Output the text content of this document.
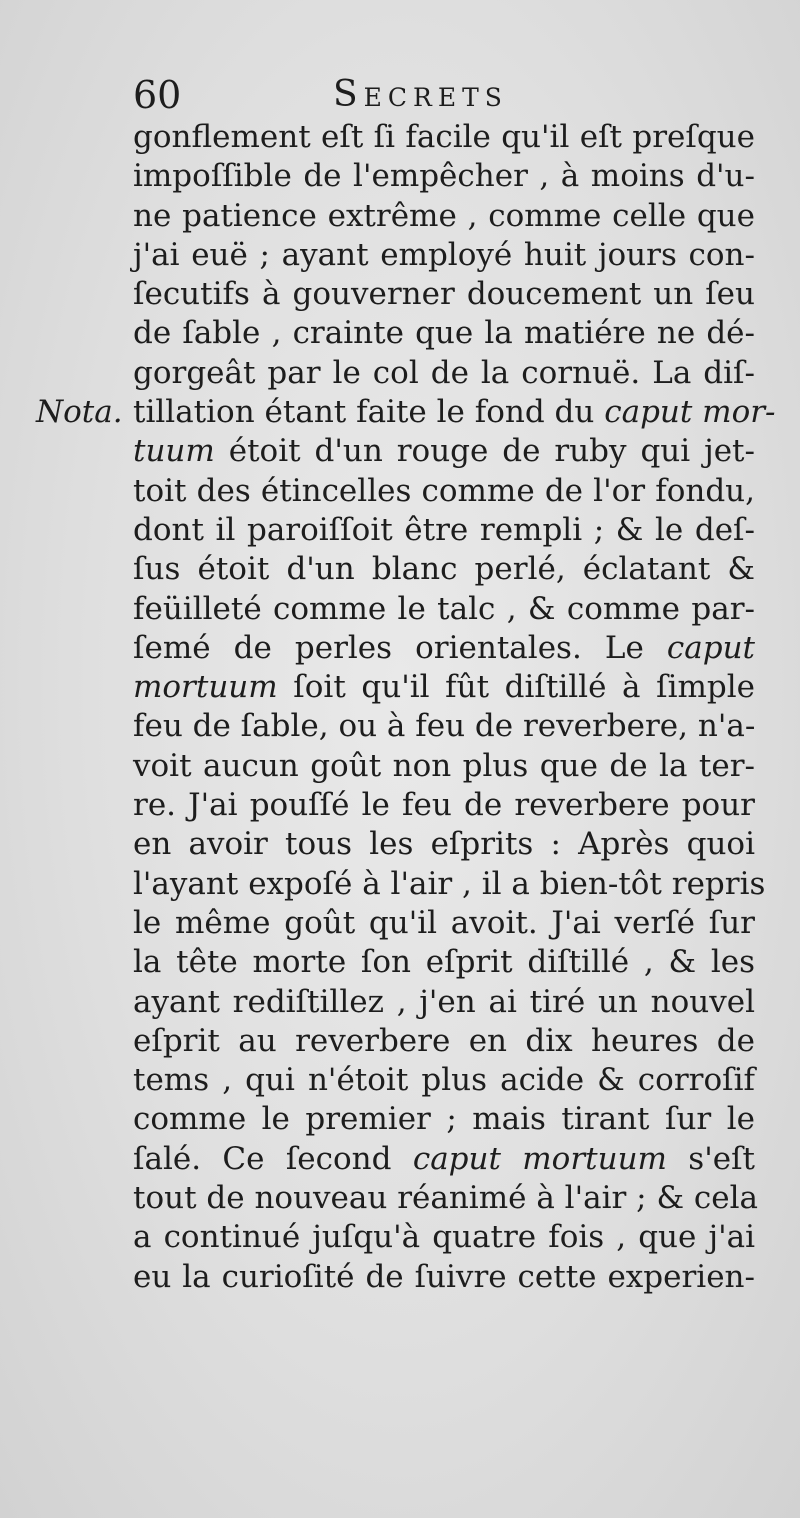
60	Secrets
Nota.
gonflement eſt ſi facile qu'il eſt preſque
impoſſible de l'empêcher , à moins d'u-
ne patience extrême , comme celle que
j'ai euë ; ayant employé huit jours con-
ſecutifs à gouverner doucement un ſeu
de ſable , crainte que la matiére ne dé-
gorgeât par le col de la cornuë. La diſ-
tillation étant faite le fond du caput mor-
tuum étoit d'un rouge de ruby qui jet-
toit des étincelles comme de l'or fondu,
dont il paroiſſoit être rempli ; & le deſ-
ſus étoit d'un blanc perlé, éclatant &
feüilleté comme le talc , & comme par-
ſemé de perles orientales. Le caput
mortuum ſoit qu'il fût diſtillé à ſimple
feu de ſable, ou à feu de reverbere, n'a-
voit aucun goût non plus que de la ter-
re. J'ai pouſſé le feu de reverbere pour
en avoir tous les eſprits : Après quoi
l'ayant expoſé à l'air , il a bien-tôt repris
le même goût qu'il avoit. J'ai verſé ſur
la tête morte ſon eſprit diſtillé , & les
ayant rediſtillez , j'en ai tiré un nouvel
eſprit au reverbere en dix heures de
tems , qui n'étoit plus acide & corroſif
comme le premier ; mais tirant ſur le
ſalé. Ce ſecond caput mortuum s'eſt
tout de nouveau réanimé à l'air ; & cela
a continué juſqu'à quatre fois , que j'ai
eu la curioſité de ſuivre cette experien-
